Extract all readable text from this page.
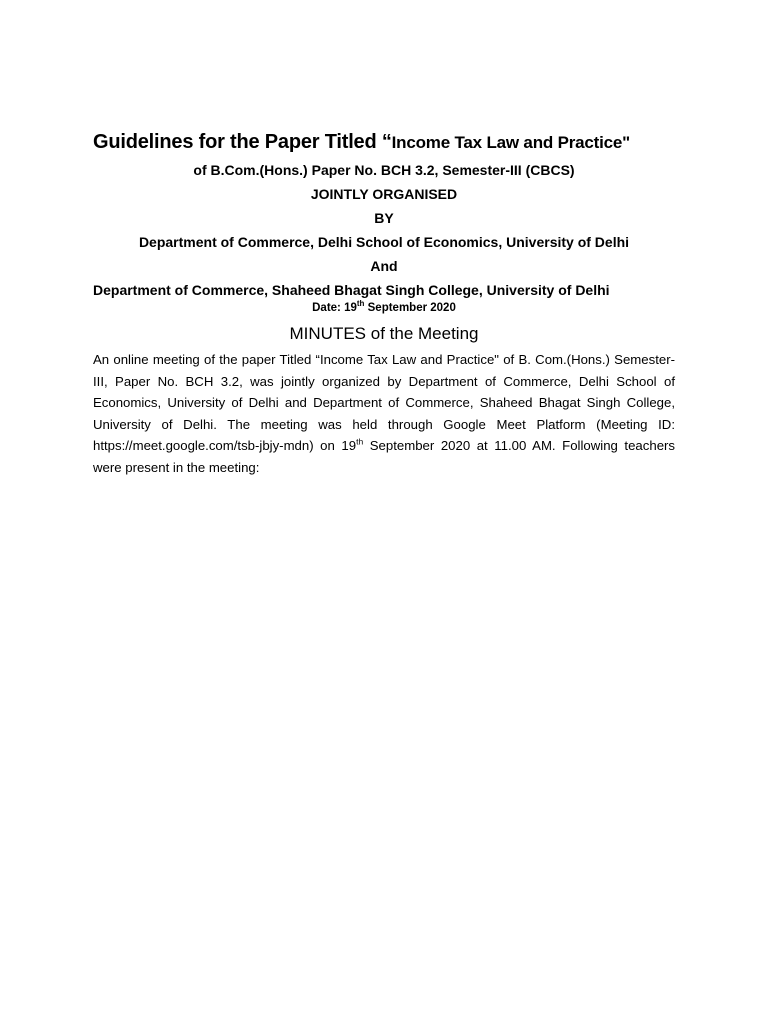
Guidelines for the Paper Titled “Income Tax Law and Practice"

of B.Com.(Hons.) Paper No. BCH 3.2, Semester-III (CBCS)

JOINTLY ORGANISED

BY

Department of Commerce, Delhi School of Economics, University of Delhi

And

Department of Commerce, Shaheed Bhagat Singh College, University of Delhi

Date: 19th September 2020

MINUTES of the Meeting

An online meeting of the paper Titled “Income Tax Law and Practice" of B. Com.(Hons.) Semester-III, Paper No. BCH 3.2, was jointly organized by Department of Commerce, Delhi School of Economics, University of Delhi and Department of Commerce, Shaheed Bhagat Singh College, University of Delhi. The meeting was held through Google Meet Platform (Meeting ID: https://meet.google.com/tsb-jbjy-mdn) on 19th September 2020 at 11.00 AM. Following teachers were present in the meeting:
